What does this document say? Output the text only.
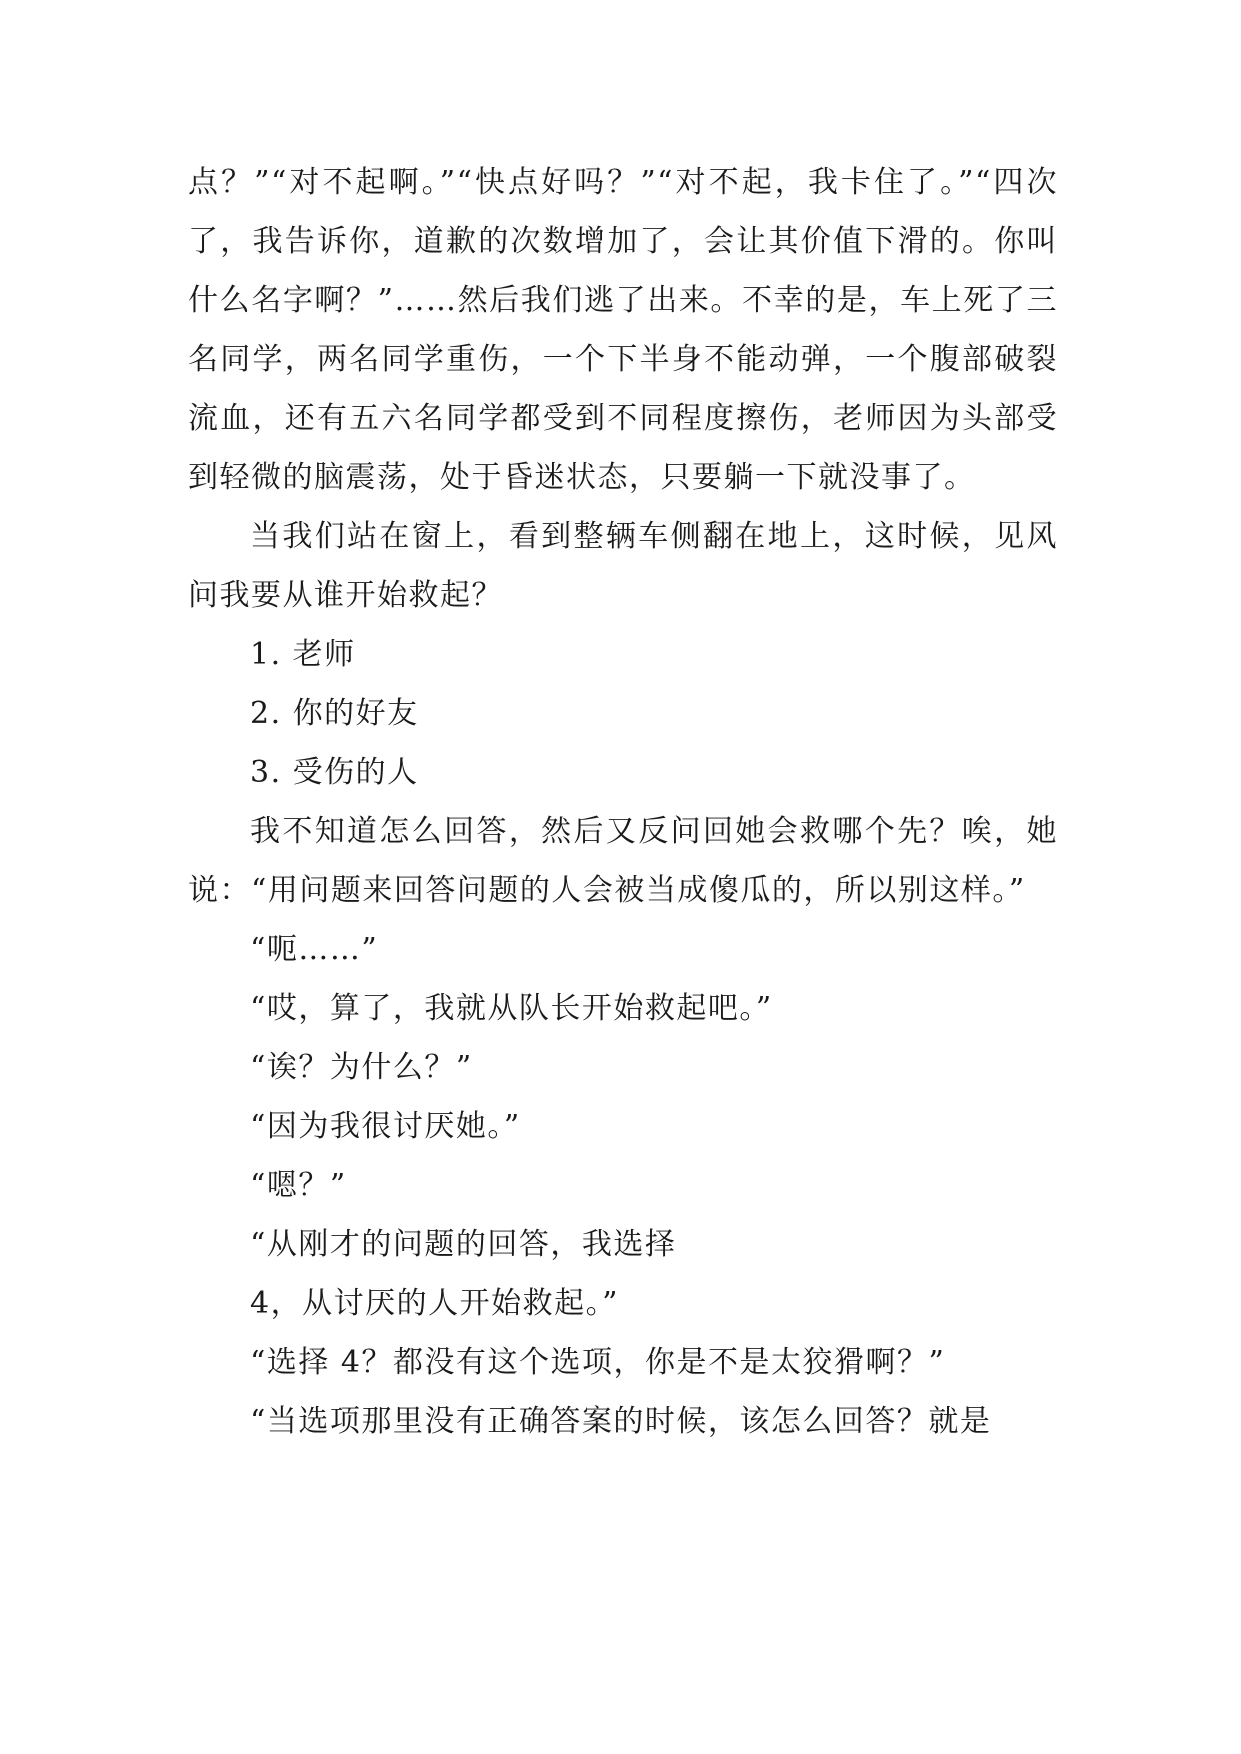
点？”“对不起啊。”“快点好吗？”“对不起，我卡住了。”“四次了，我告诉你，道歉的次数增加了，会让其价值下滑的。你叫什么名字啊？”……然后我们逃了出来。不幸的是，车上死了三名同学，两名同学重伤，一个下半身不能动弹，一个腹部破裂流血，还有五六名同学都受到不同程度擦伤，老师因为头部受到轻微的脑震荡，处于昏迷状态，只要躺一下就没事了。

当我们站在窗上，看到整辆车侧翻在地上，这时候，见风问我要从谁开始救起？

1. 老师

2. 你的好友

3. 受伤的人

我不知道怎么回答，然后又反问回她会救哪个先？唉，她说：“用问题来回答问题的人会被当成傻瓜的，所以别这样。”

“呃……”

“哎，算了，我就从队长开始救起吧。”

“诶？为什么？”

“因为我很讨厌她。”

“嗯？”

“从刚才的问题的回答，我选择

4，从讨厌的人开始救起。”

“选择 4？都没有这个选项，你是不是太狡猾啊？”

“当选项那里没有正确答案的时候，该怎么回答？就是
